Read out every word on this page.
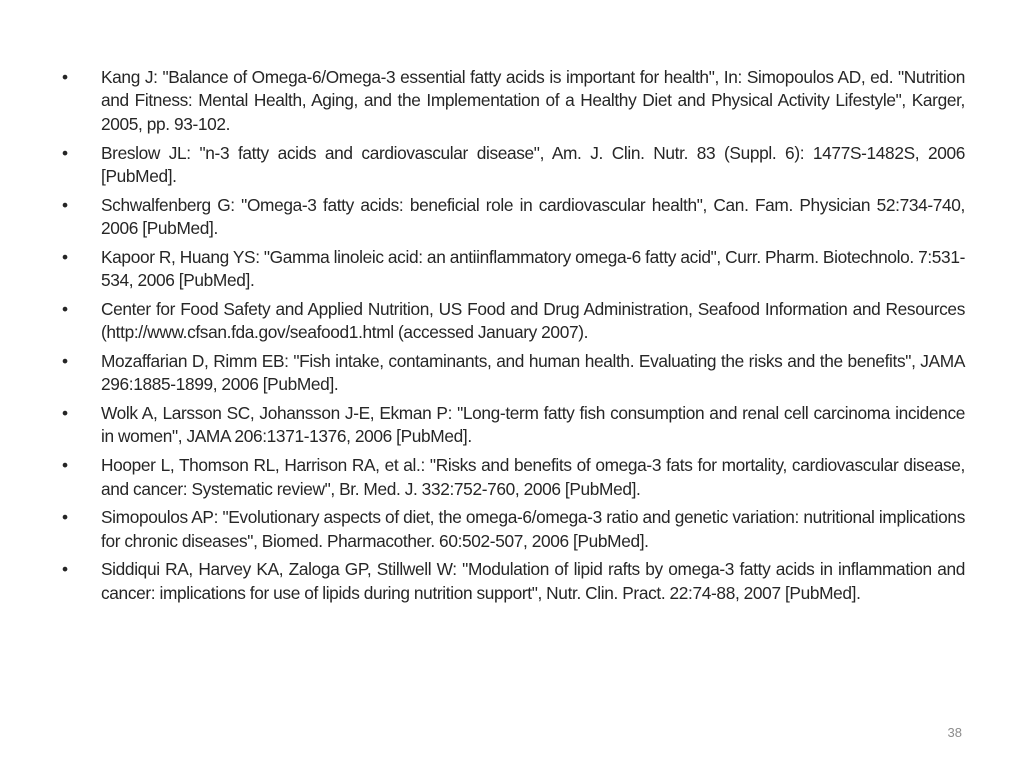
•	Kang J: "Balance of Omega-6/Omega-3 essential fatty acids is important for health", In: Simopoulos AD, ed. "Nutrition and Fitness: Mental Health, Aging, and the Implementation of a Healthy Diet and Physical Activity Lifestyle", Karger, 2005, pp. 93-102.
•	Breslow JL: "n-3 fatty acids and cardiovascular disease", Am. J. Clin. Nutr. 83 (Suppl. 6): 1477S-1482S, 2006 [PubMed].
•	Schwalfenberg G: "Omega-3 fatty acids: beneficial role in cardiovascular health", Can. Fam. Physician 52:734-740, 2006 [PubMed].
•	Kapoor R, Huang YS: "Gamma linoleic acid: an antiinflammatory omega-6 fatty acid", Curr. Pharm. Biotechnolo. 7:531-534, 2006 [PubMed].
•	Center for Food Safety and Applied Nutrition, US Food and Drug Administration, Seafood Information and Resources (http://www.cfsan.fda.gov/seafood1.html (accessed January 2007).
•	Mozaffarian D, Rimm EB: "Fish intake, contaminants, and human health. Evaluating the risks and the benefits", JAMA 296:1885-1899, 2006 [PubMed].
•	Wolk A, Larsson SC, Johansson J-E, Ekman P: "Long-term fatty fish consumption and renal cell carcinoma incidence in women", JAMA 206:1371-1376, 2006 [PubMed].
•	Hooper L, Thomson RL, Harrison RA, et al.: "Risks and benefits of omega-3 fats for mortality, cardiovascular disease, and cancer: Systematic review", Br. Med. J. 332:752-760, 2006 [PubMed].
•	Simopoulos AP: "Evolutionary aspects of diet, the omega-6/omega-3 ratio and genetic variation: nutritional implications for chronic diseases", Biomed. Pharmacother. 60:502-507, 2006 [PubMed].
•	Siddiqui RA, Harvey KA, Zaloga GP, Stillwell W: "Modulation of lipid rafts by omega-3 fatty acids in inflammation and cancer: implications for use of lipids during nutrition support", Nutr. Clin. Pract. 22:74-88, 2007 [PubMed].
38
